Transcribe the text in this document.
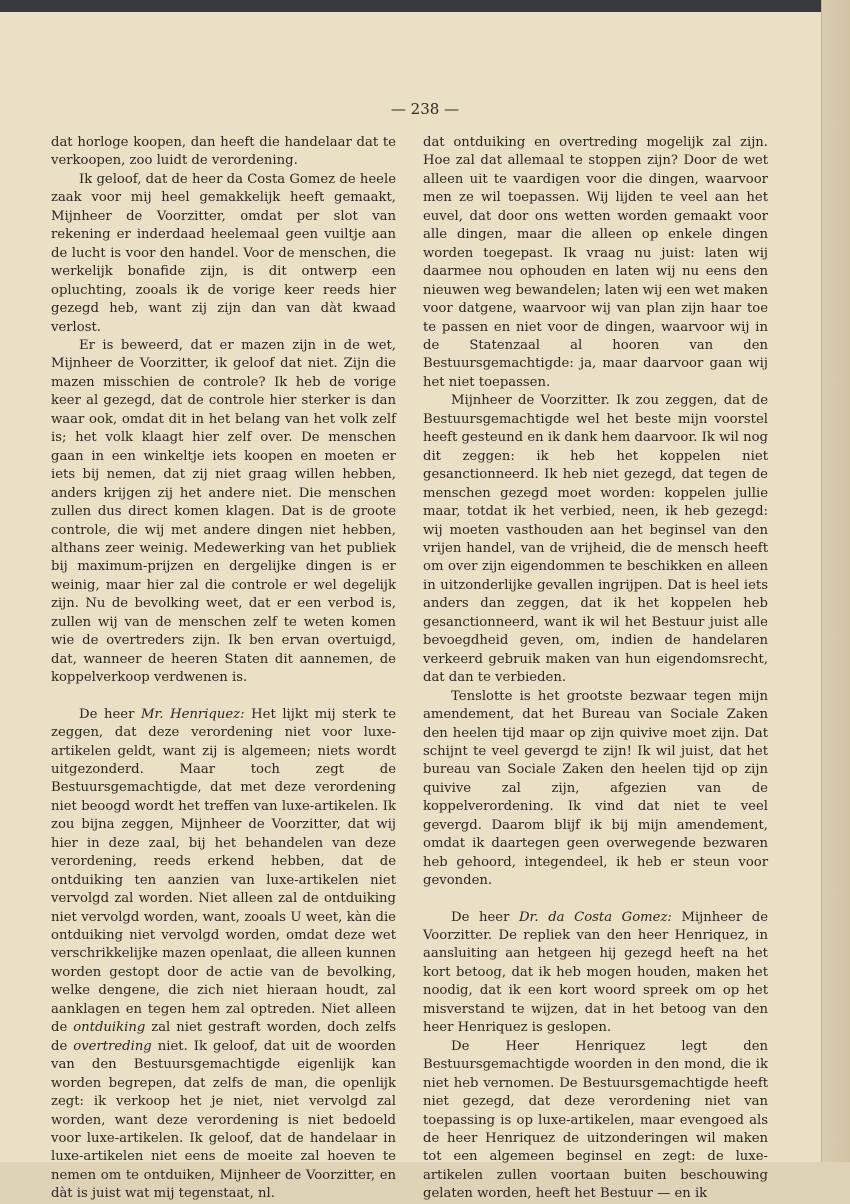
— 238 —

dat horloge koopen, dan heeft die handelaar dat te verkoopen, zoo luidt de verordening.

Ik geloof, dat de heer da Costa Gomez de heele zaak voor mij heel gemakkelijk heeft gemaakt, Mijnheer de Voorzitter, omdat per slot van rekening er inderdaad heelemaal geen vuiltje aan de lucht is voor den handel. Voor de menschen, die werkelijk bonafide zijn, is dit ontwerp een opluchting, zooals ik de vorige keer reeds hier gezegd heb, want zij zijn dan van dàt kwaad verlost.

Er is beweerd, dat er mazen zijn in de wet, Mijnheer de Voorzitter, ik geloof dat niet. Zijn die mazen misschien de controle? Ik heb de vorige keer al gezegd, dat de controle hier sterker is dan waar ook, omdat dit in het belang van het volk zelf is; het volk klaagt hier zelf over. De menschen gaan in een winkeltje iets koopen en moeten er iets bij nemen, dat zij niet graag willen hebben, anders krijgen zij het andere niet. Die menschen zullen dus direct komen klagen. Dat is de groote controle, die wij met andere dingen niet hebben, althans zeer weinig. Medewerking van het publiek bij maximum-prijzen en dergelijke dingen is er weinig, maar hier zal die controle er wel degelijk zijn. Nu de bevolking weet, dat er een verbod is, zullen wij van de menschen zelf te weten komen wie de overtreders zijn. Ik ben ervan overtuigd, dat, wanneer de heeren Staten dit aannemen, de koppelverkoop verdwenen is.

De heer Mr. Henriquez: Het lijkt mij sterk te zeggen, dat deze verordening niet voor luxe-artikelen geldt, want zij is algemeen; niets wordt uitgezonderd. Maar toch zegt de Bestuursgemachtigde, dat met deze verordening niet beoogd wordt het treffen van luxe-artikelen. Ik zou bijna zeggen, Mijnheer de Voorzitter, dat wij hier in deze zaal, bij het behandelen van deze verordening, reeds erkend hebben, dat de ontduiking ten aanzien van luxe-artikelen niet vervolgd zal worden. Niet alleen zal de ontduiking niet vervolgd worden, want, zooals U weet, kàn die ontduiking niet vervolgd worden, omdat deze wet verschrikkelijke mazen openlaat, die alleen kunnen worden gestopt door de actie van de bevolking, welke dengene, die zich niet hieraan houdt, zal aanklagen en tegen hem zal optreden. Niet alleen de ontduiking zal niet gestraft worden, doch zelfs de overtreding niet. Ik geloof, dat uit de woorden van den Bestuursgemachtigde eigenlijk kan worden begrepen, dat zelfs de man, die openlijk zegt: ik verkoop het je niet, niet vervolgd zal worden, want deze verordening is niet bedoeld voor luxe-artikelen. Ik geloof, dat de handelaar in luxe-artikelen niet eens de moeite zal hoeven te nemen om te ontduiken, Mijnheer de Voorzitter, en dàt is juist wat mij tegenstaat, nl.

dat ontduiking en overtreding mogelijk zal zijn. Hoe zal dat allemaal te stoppen zijn? Door de wet alleen uit te vaardigen voor die dingen, waarvoor men ze wil toepassen. Wij lijden te veel aan het euvel, dat door ons wetten worden gemaakt voor alle dingen, maar die alleen op enkele dingen worden toegepast. Ik vraag nu juist: laten wij daarmee nou ophouden en laten wij nu eens den nieuwen weg bewandelen; laten wij een wet maken voor datgene, waarvoor wij van plan zijn haar toe te passen en niet voor de dingen, waarvoor wij in de Statenzaal al hooren van den Bestuursgemachtigde: ja, maar daarvoor gaan wij het niet toepassen.

Mijnheer de Voorzitter. Ik zou zeggen, dat de Bestuursgemachtigde wel het beste mijn voorstel heeft gesteund en ik dank hem daarvoor. Ik wil nog dit zeggen: ik heb het koppelen niet gesanctionneerd. Ik heb niet gezegd, dat tegen de menschen gezegd moet worden: koppelen jullie maar, totdat ik het verbied, neen, ik heb gezegd: wij moeten vasthouden aan het beginsel van den vrijen handel, van de vrijheid, die de mensch heeft om over zijn eigendommen te beschikken en alleen in uitzonderlijke gevallen ingrijpen. Dat is heel iets anders dan zeggen, dat ik het koppelen heb gesanctionneerd, want ik wil het Bestuur juist alle bevoegdheid geven, om, indien de handelaren verkeerd gebruik maken van hun eigendomsrecht, dat dan te verbieden.

Tenslotte is het grootste bezwaar tegen mijn amendement, dat het Bureau van Sociale Zaken den heelen tijd maar op zijn quivive moet zijn. Dat schijnt te veel gevergd te zijn! Ik wil juist, dat het bureau van Sociale Zaken den heelen tijd op zijn quivive zal zijn, afgezien van de koppelverordening. Ik vind dat niet te veel gevergd. Daarom blijf ik bij mijn amendement, omdat ik daartegen geen overwegende bezwaren heb gehoord, integendeel, ik heb er steun voor gevonden.

De heer Dr. da Costa Gomez: Mijnheer de Voorzitter. De repliek van den heer Henriquez, in aansluiting aan hetgeen hij gezegd heeft na het kort betoog, dat ik heb mogen houden, maken het noodig, dat ik een kort woord spreek om op het misverstand te wijzen, dat in het betoog van den heer Henriquez is geslopen.

De Heer Henriquez legt den Bestuursgemachtigde woorden in den mond, die ik niet heb vernomen. De Bestuursgemachtigde heeft niet gezegd, dat deze verordening niet van toepassing is op luxe-artikelen, maar evengoed als de heer Henriquez de uitzonderingen wil maken tot een algemeen beginsel en zegt: de luxe-artikelen zullen voortaan buiten beschouwing gelaten worden, heeft het Bestuur — en ik
